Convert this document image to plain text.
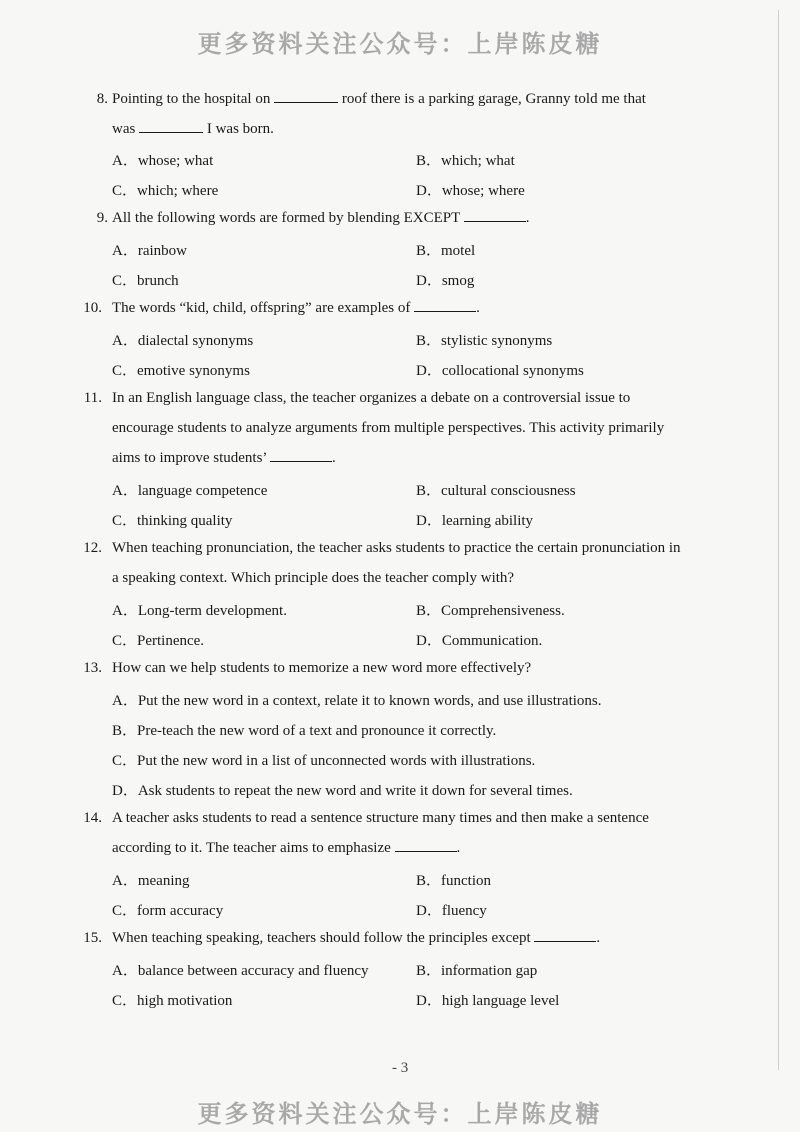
更多资料关注公众号：上岸陈皮糖
8. Pointing to the hospital on	roof there is a parking garage, Granny told me that
was	I was born.
A．whose; what	B．which; what
C．which; where	D．whose; where
9. All the following words are formed by blending EXCEPT	.
A．rainbow	B．motel
C．brunch	D．smog
10. The words “kid, child, offspring” are examples of	.
A．dialectal synonyms	B．stylistic synonyms
C．emotive synonyms	D．collocational synonyms
11. In an English language class, the teacher organizes a debate on a controversial issue to
encourage students to analyze arguments from multiple perspectives. This activity primarily
aims to improve students’	.
A．language competence	B．cultural consciousness
C．thinking quality	D．learning ability
12. When teaching pronunciation, the teacher asks students to practice the certain pronunciation in
a speaking context. Which principle does the teacher comply with?
A．Long-term development.	B．Comprehensiveness.
C．Pertinence.	D．Communication.
13. How can we help students to memorize a new word more effectively?
A．Put the new word in a context, relate it to known words, and use illustrations.
B．Pre-teach the new word of a text and pronounce it correctly.
C．Put the new word in a list of unconnected words with illustrations.
D．Ask students to repeat the new word and write it down for several times.
14. A teacher asks students to read a sentence structure many times and then make a sentence
according to it. The teacher aims to emphasize	.
A．meaning	B．function
C．form accuracy	D．fluency
15. When teaching speaking, teachers should follow the principles except	.
A．balance between accuracy and fluency	B．information gap
C．high motivation	D．high language level
- 3
更多资料关注公众号：上岸陈皮糖
